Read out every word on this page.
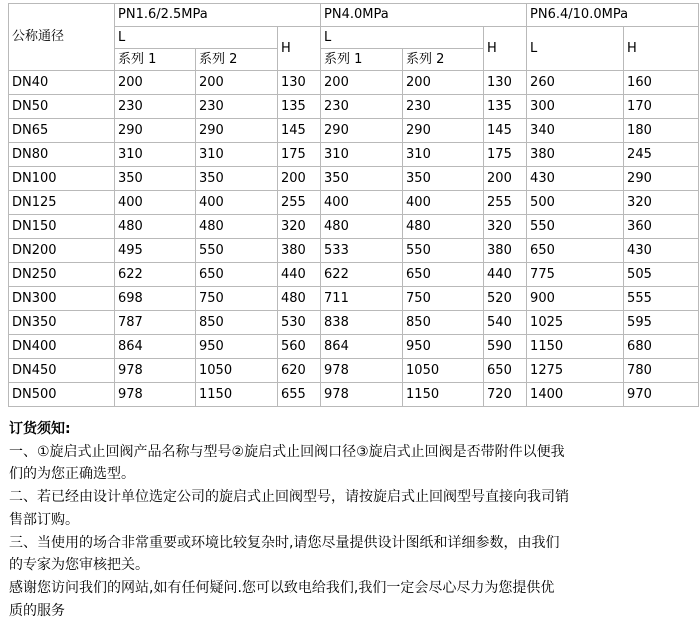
公称通径	PN1.6/2.5MPa			PN4.0MPa			PN6.4/10.0MPa	
	L		H	L		H	L	H
	系列 1	系列 2		系列 1	系列 2			
DN40	200	200	130	200	200	130	260	160
DN50	230	230	135	230	230	135	300	170
DN65	290	290	145	290	290	145	340	180
DN80	310	310	175	310	310	175	380	245
DN100	350	350	200	350	350	200	430	290
DN125	400	400	255	400	400	255	500	320
DN150	480	480	320	480	480	320	550	360
DN200	495	550	380	533	550	380	650	430
DN250	622	650	440	622	650	440	775	505
DN300	698	750	480	711	750	520	900	555
DN350	787	850	530	838	850	540	1025	595
DN400	864	950	560	864	950	590	1150	680
DN450	978	1050	620	978	1050	650	1275	780
DN500	978	1150	655	978	1150	720	1400	970

订货须知:

一、①旋启式止回阀产品名称与型号②旋启式止回阀口径③旋启式止回阀是否带附件以便我

们的为您正确选型。

二、若已经由设计单位选定公司的旋启式止回阀型号，请按旋启式止回阀型号直接向我司销

售部订购。

三、当使用的场合非常重要或环境比较复杂时,请您尽量提供设计图纸和详细参数，由我们

的专家为您审核把关。

感谢您访问我们的网站,如有任何疑问.您可以致电给我们,我们一定会尽心尽力为您提供优

质的服务
